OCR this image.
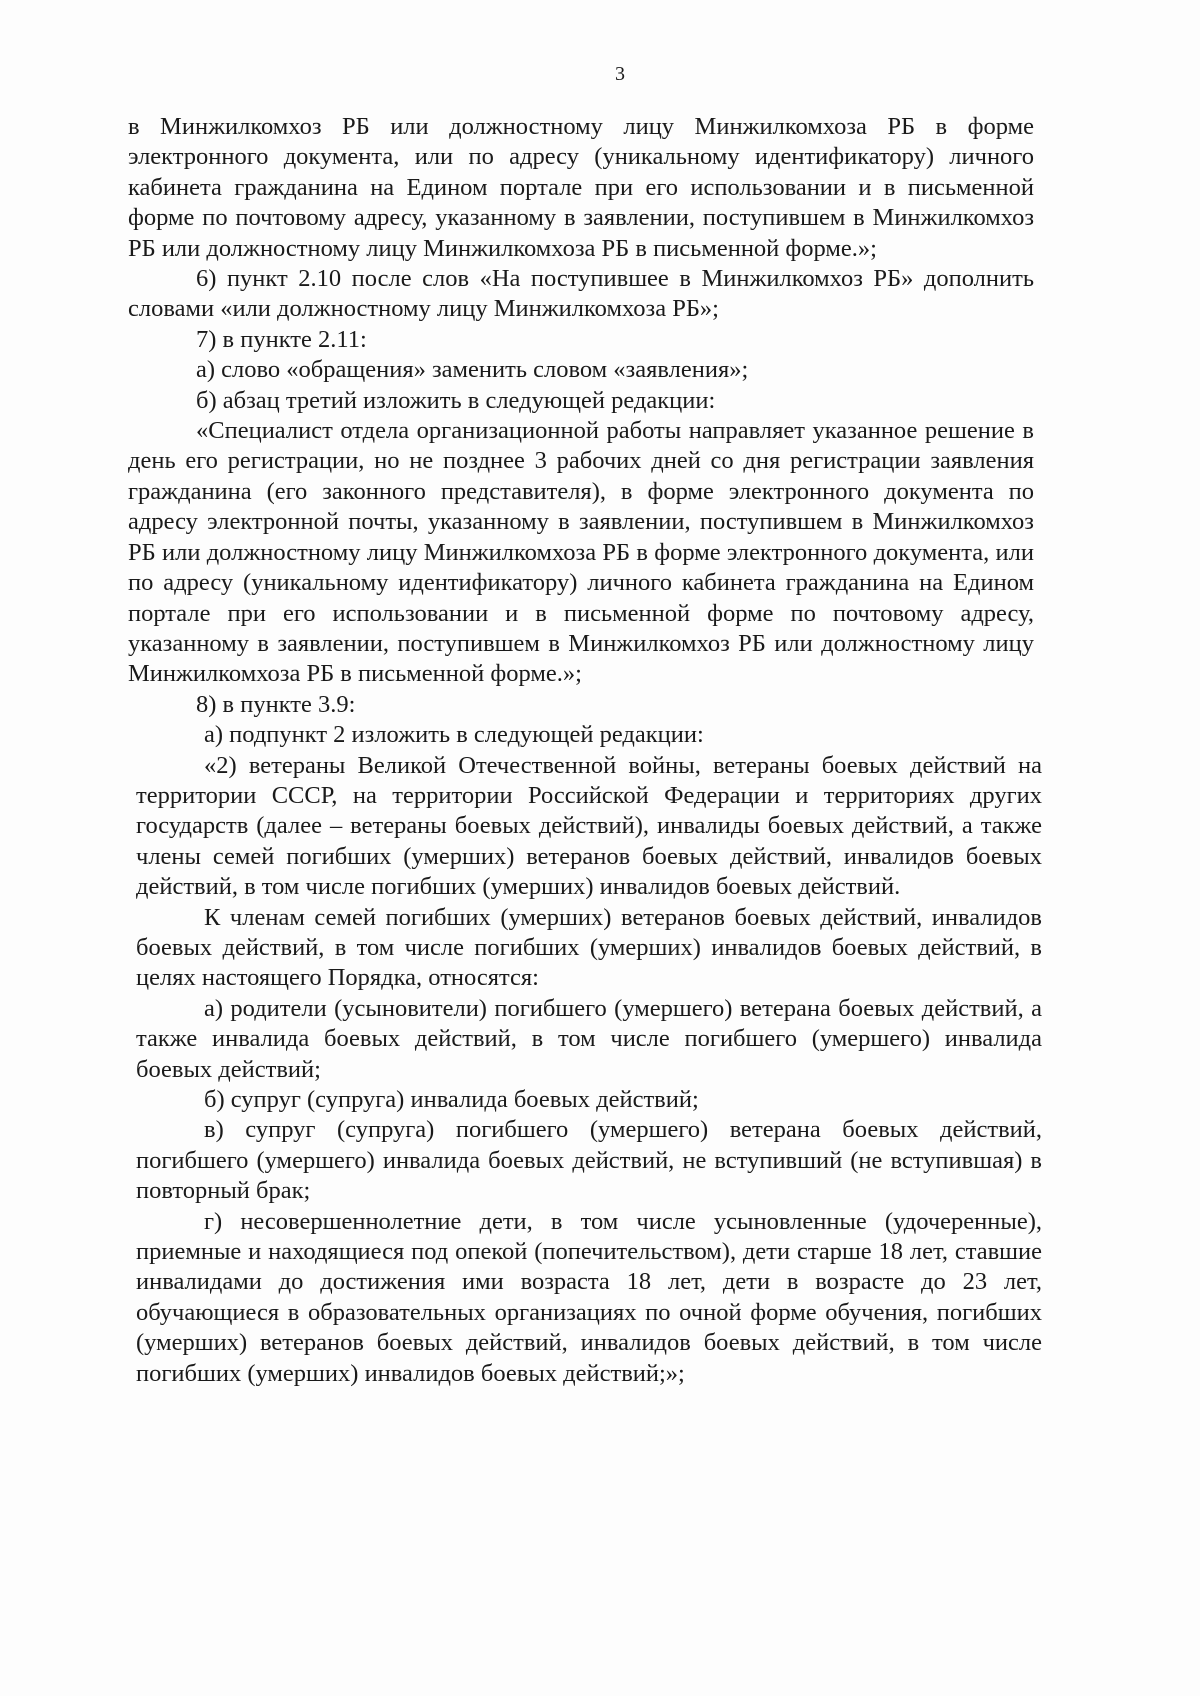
3

в Минжилкомхоз РБ или должностному лицу Минжилкомхоза РБ в форме электронного документа, или по адресу (уникальному идентификатору) личного кабинета гражданина на Едином портале при его использовании и в письменной форме по почтовому адресу, указанному в заявлении, поступившем в Минжилкомхоз РБ или должностному лицу Минжилкомхоза РБ в письменной форме.»;

6) пункт 2.10 после слов «На поступившее в Минжилкомхоз РБ» дополнить словами «или должностному лицу Минжилкомхоза РБ»;

7) в пункте 2.11:

а) слово «обращения» заменить словом «заявления»;

б) абзац третий изложить в следующей редакции:

«Специалист отдела организационной работы направляет указанное решение в день его регистрации, но не позднее 3 рабочих дней со дня регистрации заявления гражданина (его законного представителя), в форме электронного документа по адресу электронной почты, указанному в заявлении, поступившем в Минжилкомхоз РБ или должностному лицу Минжилкомхоза РБ в форме электронного документа, или по адресу (уникальному идентификатору) личного кабинета гражданина на Едином портале при его использовании и в письменной форме по почтовому адресу, указанному в заявлении, поступившем в Минжилкомхоз РБ или должностному лицу Минжилкомхоза РБ в письменной форме.»;

8) в пункте 3.9:

а) подпункт 2 изложить в следующей редакции:

«2) ветераны Великой Отечественной войны, ветераны боевых действий на территории СССР, на территории Российской Федерации и территориях других государств (далее – ветераны боевых действий), инвалиды боевых действий, а также члены семей погибших (умерших) ветеранов боевых действий, инвалидов боевых действий, в том числе погибших (умерших) инвалидов боевых действий.

К членам семей погибших (умерших) ветеранов боевых действий, инвалидов боевых действий, в том числе погибших (умерших) инвалидов боевых действий, в целях настоящего Порядка, относятся:

а) родители (усыновители) погибшего (умершего) ветерана боевых действий, а также инвалида боевых действий, в том числе погибшего (умершего) инвалида боевых действий;

б) супруг (супруга) инвалида боевых действий;

в) супруг (супруга) погибшего (умершего) ветерана боевых действий, погибшего (умершего) инвалида боевых действий, не вступивший (не вступившая) в повторный брак;

г) несовершеннолетние дети, в том числе усыновленные (удочеренные), приемные и находящиеся под опекой (попечительством), дети старше 18 лет, ставшие инвалидами до достижения ими возраста 18 лет, дети в возрасте до 23 лет, обучающиеся в образовательных организациях по очной форме обучения, погибших (умерших) ветеранов боевых действий, инвалидов боевых действий, в том числе погибших (умерших) инвалидов боевых действий;»;
